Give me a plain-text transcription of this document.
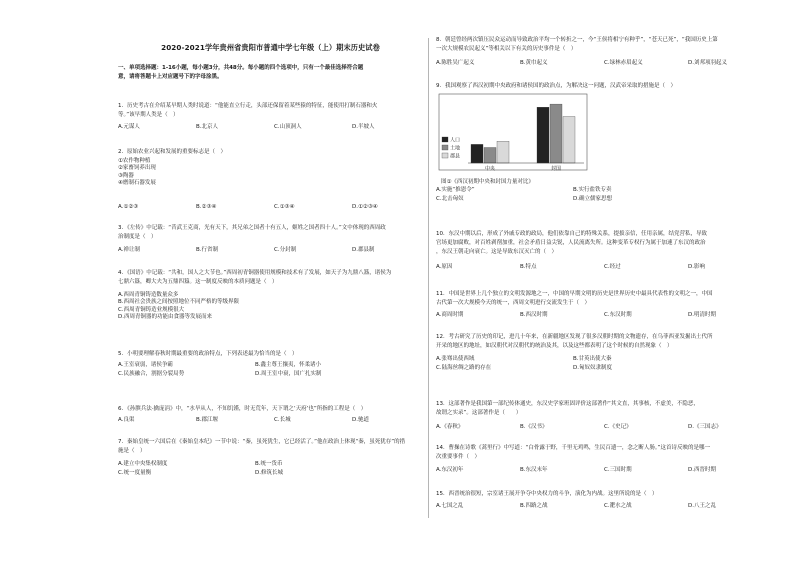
2020-2021学年贵州省贵阳市普通中学七年级（上）期末历史试卷
一、单项选择题：1-16小题，每小题3分，共48分。每小题的四个选项中，只有一个最佳选择符合题
意，请将答题卡上对应题号下的字母涂黑。
1．历史考古在介绍某早期人类时说道：“他能直立行走，头部还保留着某些猿的特征，能使用打制石器和火
等。”该早期人类是（　）
A.元谋人	B.北京人	C.山顶洞人	D.半坡人
2．原始农业兴起和发展的重要标志是（　）
①农作物种植
②家畜饲养出现
③陶器
④磨制石器发展
A.①②③	B.②③④	C.①③④	D.①②③④
3．《左传》中记载：“昔武王克商，光有天下，其兄弟之国者十有五人，姬姓之国者四十人。”文中体现的西周政
治制度是（　）
A.禅让制	B.行省制	C.分封制	D.郡县制
4．《国语》中记载：“共和，国人之大节也。”西周初青铜器使用规模和技术有了发展，如天子为九鼎八簋，诸侯为
七鼎六簋，卿大夫为五鼎四簋。这一制度反映的本质问题是（　）
A.西周青铜铸造数量众多
B.西周社会贵族之间按照地位不同严格的等级界限
C.西周青铜铸造业规模很大
D.西周青铜器的功能由食器等发展而来
5．小明要理解春秋时期最重要的政治特点，下列表述最为恰当的是（　）
A.王室衰弱，诸侯争霸	B.鑫主尊王攘夷，怀柔诸小
C.民族融合，割据分裂局势	D.周王室中衰，国广扎实制
6．《孙膑兵法·擒庞涓》中，“水旱从人，不知饥馑，时无荒年，天下谓之‘天府’也”所指的工程是（　）
A.良渠	B.郡江堰	C.长城	D.驰道
7．秦始皇统一六国后在《秦始皇本纪》一节中说：“秦，虽死犹生，它已经活了。”他在政治上体现“秦，虽死犹存”的措
施是（　）
A.建立中央集权制度	B.统一货币
C.统一度量衡	D.修筑长城
8．朝廷曾经两次镇压民众运动而导致政治平均一个转折之一，今“王侯将相宁有种乎”，“苍天已死”，“我国历史上第
一次大规模农民起义”等相关以下有关的历史事件是（　）
A.陈胜吴广起义	B.黄巾起义	C.绿林赤眉起义	D.刘邦项羽起义
9．我国观察了西汉初期中央政府和诸侯国的政治点，为解决这一问题，汉武帝采取的措施是（　）
人口
土地
郡县
中央	封国
图①《西汉初期中央和封国力量对比》
A.实施“推恩令”	B.实行盐铁专卖
C.北击匈奴	D.确立儒家思想
10．东汉中期以后，形成了外戚专政的政局，他们依靠自己的特殊关系，提拔亲信，任用亲属，结党营私，导致
官场更加腐败，对百姓剥削加重，社会矛盾日益尖锐，人民流离失所。这种变革专权行为属于加速了东汉的政治
，东汉王朝走向衰亡。这是导致东汉灭亡的（　）
A.原因	B.特点	C.经过	D.影响
11．中国是世界上几个独立的文明发源地之一，中国的早期文明的历史是世界历史中最具代表性的文明之一，中国
古代第一次大规模今天的统一，西周文明进行交流发生于（　）
A.商周时期	B.西汉时期	C.东汉时期	D.明清时期
12．考古研究了历史的印记，进几十年来，在新疆地区发现了很多汉朝时期的文物遗存，在乌菲西亚发掘出土代所
开采的地区的地址，如汉朝代对汉朝代的统治及其，以及这些都表明了这个时候的自然现象（　）
A.张骞出使西域	B.甘英出使大秦
C.陆海丝绸之路的存在	D.匈奴奴隶制度
13．这部著作是我国第一部纪传体通史，东汉史学家班固评价这部著作“其文直，其事核，不虚美，不隐恶，
故谓之实录”。这部著作是（　　）
A.《春秋》	B.《汉书》	C.《史记》	D.《三国志》
14．曹操在诗歌《蒿里行》中写道：“白骨露于野，千里无鸡鸣，生民百遗一，念之断人肠。”这首诗反映的是哪一
次重要事件（　）
A.东汉初年	B.东汉末年	C.三国时期	D.西晋时期
15．西晋统治很短，宗室诸王展开争夺中央权力的斗争，演化为内战。这里所说的是（　）
A.七国之乱	B.四路之战	C.淝水之战	D.八王之乱
